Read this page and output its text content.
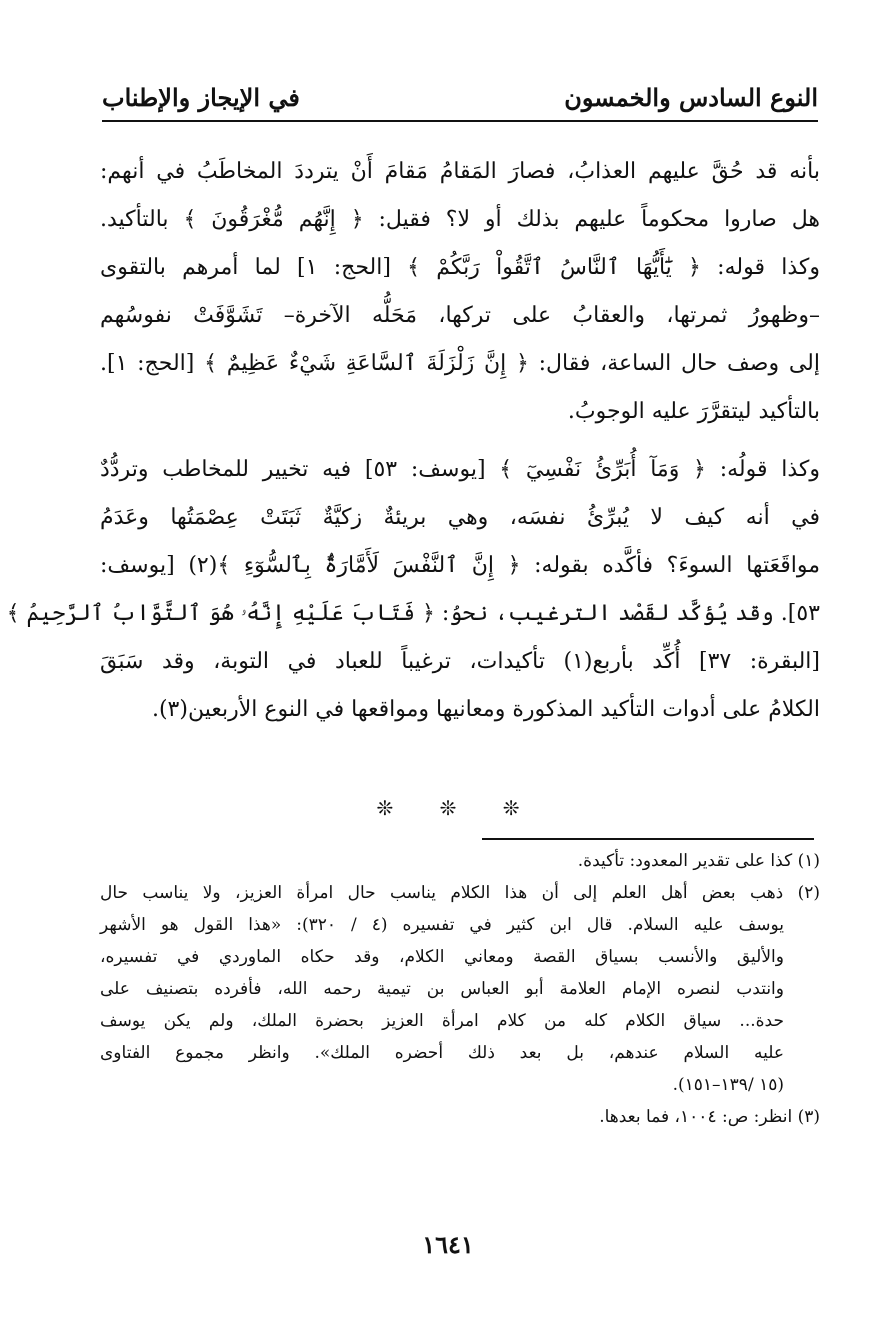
النوع السادس والخمسون
في الإيجاز والإطناب
بأنه قد حُقَّ عليهم العذابُ، فصارَ المَقامُ مَقامَ أَنْ يترددَ المخاطَبُ في أنهم:
هل صاروا محكوماً عليهم بذلك أو لا؟ فقيل: ﴿ إِنَّهُم مُّغْرَقُونَ ﴾ بالتأكيد.
وكذا قوله: ﴿ يَٰٓأَيُّهَا ٱلنَّاسُ ٱتَّقُواْ رَبَّكُمْ ﴾ [الحج: ١] لما أمرهم بالتقوى
–وظهورُ ثمرتها، والعقابُ على تركها، مَحَلُّه الآخرة– تَشَوَّفَتْ نفوسُهم
إلى وصف حال الساعة، فقال: ﴿ إِنَّ زَلْزَلَةَ ٱلسَّاعَةِ شَيْءٌ عَظِيمٌ ﴾ [الحج: ١].
بالتأكيد ليتقرَّرَ عليه الوجوبُ.
وكذا قولُه: ﴿ وَمَآ أُبَرِّئُ نَفْسِيٓ ﴾ [يوسف: ٥٣] فيه تخيير للمخاطب وتردُّدٌ
في أنه كيف لا يُبرِّئُ نفسَه، وهي بريئةٌ زكيَّةٌ ثَبَتَتْ عِصْمَتُها وعَدَمُ
مواقَعَتها السوءَ؟ فأكَّده بقوله: ﴿ إِنَّ ٱلنَّفْسَ لَأَمَّارَةٌۢ بِٱلسُّوٓءِ ﴾(٢) [يوسف:
٥٣]. وقد يُؤكَّد لقَصْد الترغيب، نحوُ: ﴿ فَتَابَ عَلَيْهِ إِنَّهُۥ هُوَ ٱلتَّوَّابُ ٱلرَّحِيمُ ﴾
[البقرة: ٣٧] أُكِّد بأربع(١) تأكيدات، ترغيباً للعباد في التوبة، وقد سَبَقَ
الكلامُ على أدوات التأكيد المذكورة ومعانيها ومواقعها في النوع الأربعين(٣).
❊ ❊ ❊
(١) كذا على تقدير المعدود: تأكيدة.
(٢) ذهب بعض أهل العلم إلى أن هذا الكلام يناسب حال امرأة العزيز، ولا يناسب حال
يوسف عليه السلام. قال ابن كثير في تفسيره (٤ / ٣٢٠): «هذا القول هو الأشهر
والأليق والأنسب بسياق القصة ومعاني الكلام، وقد حكاه الماوردي في تفسيره،
وانتدب لنصره الإمام العلامة أبو العباس بن تيمية رحمه الله، فأفرده بتصنيف على
حدة... سياق الكلام كله من كلام امرأة العزيز بحضرة الملك، ولم يكن يوسف
عليه السلام عندهم، بل بعد ذلك أحضره الملك». وانظر مجموع الفتاوى
(١٥ /١٣٩–١٥١).
(٣) انظر: ص: ١٠٠٤، فما بعدها.
١٦٤١
